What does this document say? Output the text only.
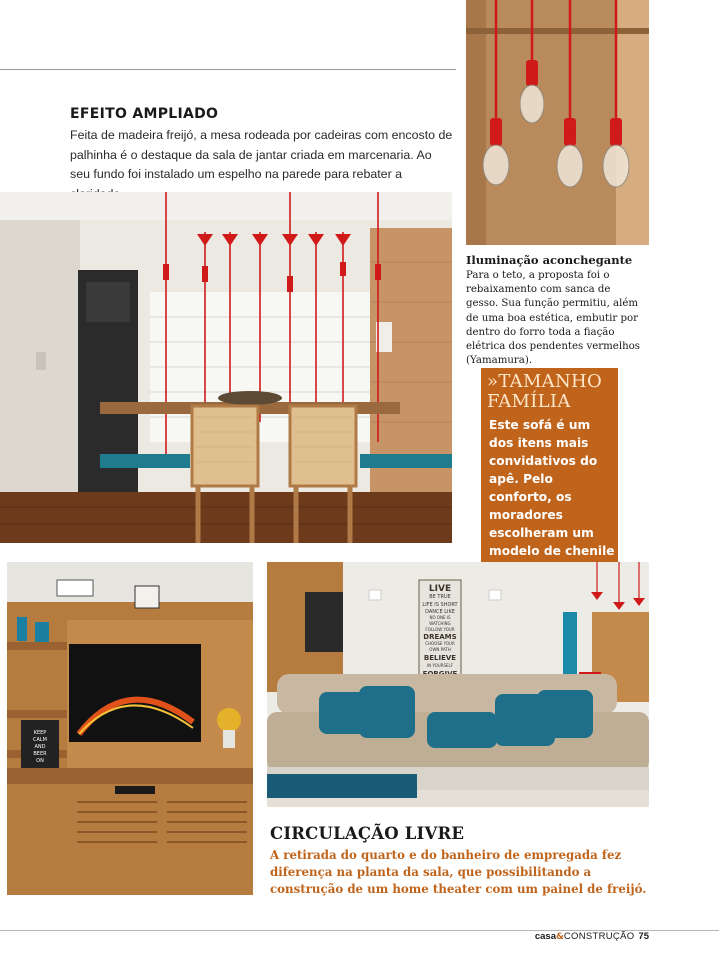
EFEITO AMPLIADO
Feita de madeira freijó, a mesa rodeada por cadeiras com encosto de palhinha é o destaque da sala de jantar criada em marcenaria. Ao seu fundo foi instalado um espelho na parede para rebater a
Iluminação aconchegante
Para o teto, a proposta foi o rebaixamento com sanca de gesso. Sua função permitiu, além de uma boa estética, embutir por dentro do forro toda a fiação elétrica dos pendentes vermelhos (Yamamura).
»TAMANHO FAMÍLIA
Este sofá é um dos itens mais convidativos do apê. Pelo conforto, os moradores escolheram um modelo de chenile
KEEP
CALM
AND
BEER
ON
LIVE
BE TRUE
LIFE IS SHORT
DANCE LIKE
NO ONE IS
WATCHING
FOLLOW YOUR
DREAMS
CHOOSE YOUR
OWN PATH
BELIEVE
IN YOURSELF
CIRCULAÇÃO LIVRE
A retirada do quarto e do banheiro de empregada fez diferença na planta da sala, que possibilitando a construção de um home theater com um painel de freijó.
casa&CONSTRUÇÃO 75
